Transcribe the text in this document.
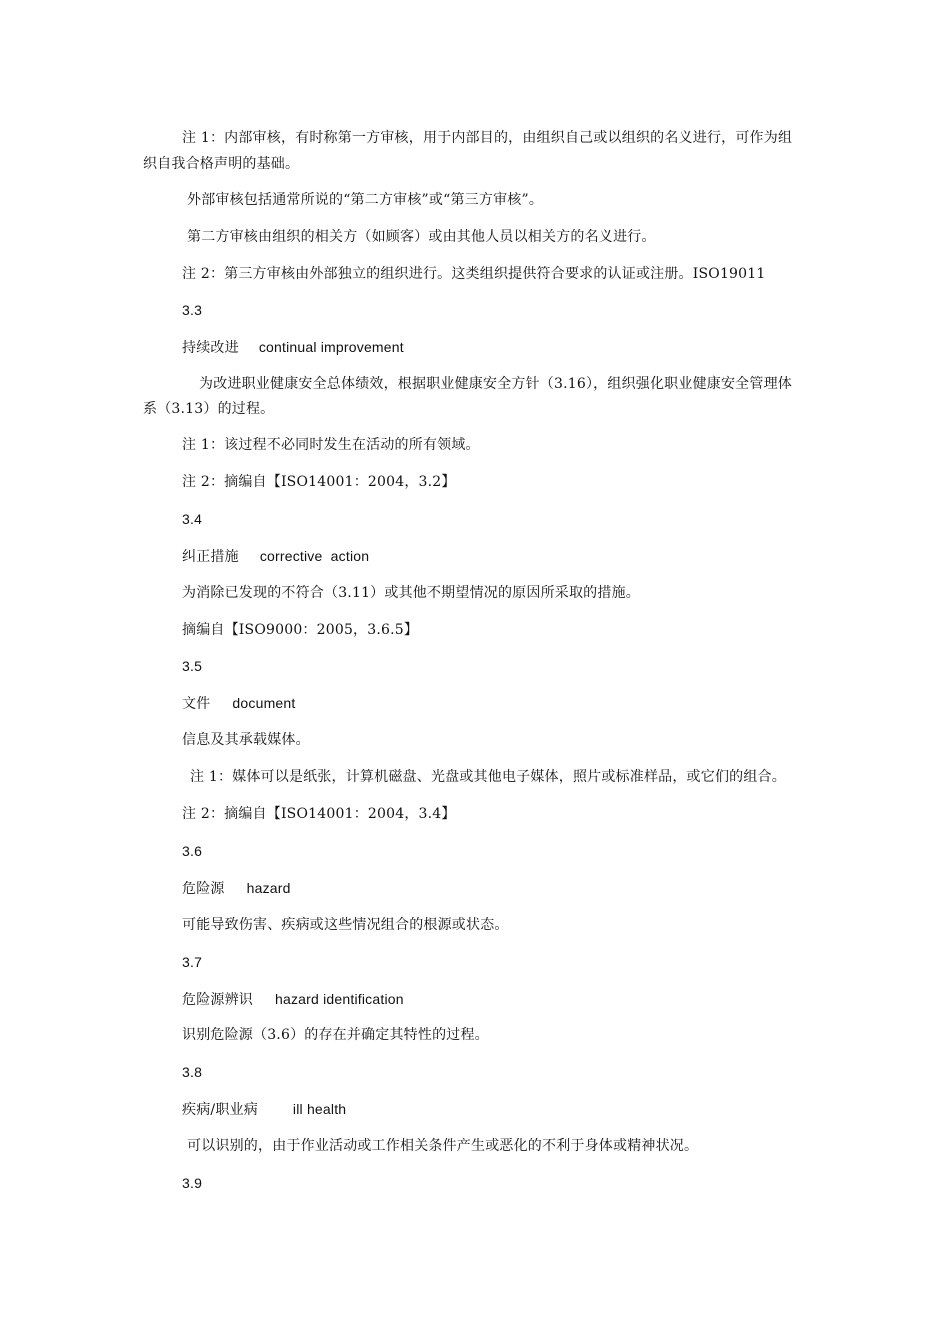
注 1：内部审核，有时称第一方审核，用于内部目的，由组织自己或以组织的名义进行，可作为组
织自我合格声明的基础。
外部审核包括通常所说的“第二方审核”或“第三方审核”。
第二方审核由组织的相关方（如顾客）或由其他人员以相关方的名义进行。
注 2：第三方审核由外部独立的组织进行。这类组织提供符合要求的认证或注册。ISO19011
3.3
持续改进 continual improvement
为改进职业健康安全总体绩效，根据职业健康安全方针（3.16），组织强化职业健康安全管理体
系（3.13）的过程。
注 1：该过程不必同时发生在活动的所有领域。
注 2：摘编自【ISO14001：2004，3.2】
3.4
纠正措施 corrective  action
为消除已发现的不符合（3.11）或其他不期望情况的原因所采取的措施。
摘编自【ISO9000：2005，3.6.5】
3.5
文件 document
信息及其承载媒体。
注 1：媒体可以是纸张，计算机磁盘、光盘或其他电子媒体，照片或标准样品，或它们的组合。
注 2：摘编自【ISO14001：2004，3.4】
3.6
危险源 hazard
可能导致伤害、疾病或这些情况组合的根源或状态。
3.7
危险源辨识 hazard identification
识别危险源（3.6）的存在并确定其特性的过程。
3.8
疾病/职业病	ill health
可以识别的，由于作业活动或工作相关条件产生或恶化的不利于身体或精神状况。
3.9
